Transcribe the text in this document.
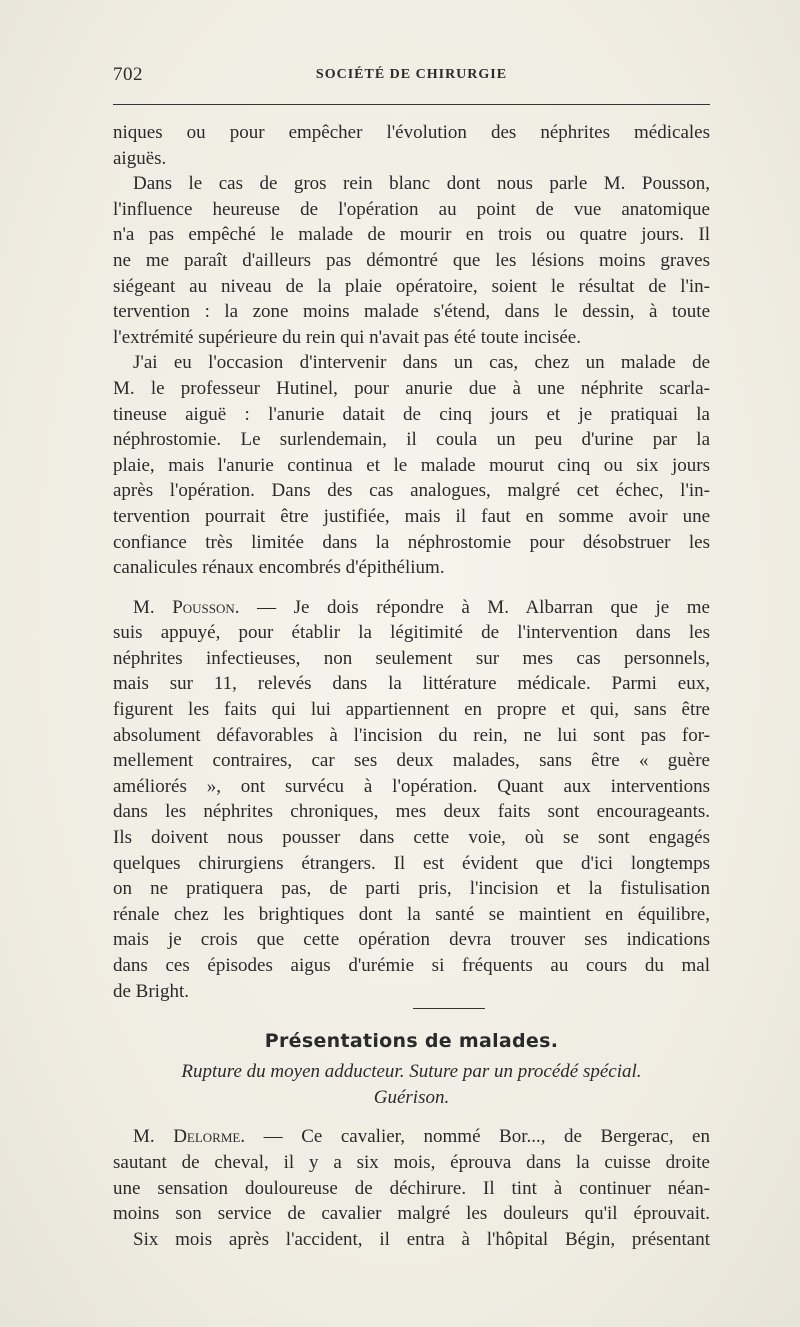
702	SOCIÉTÉ DE CHIRURGIE
niques ou pour empêcher l'évolution des néphrites médicales
aiguës.
Dans le cas de gros rein blanc dont nous parle M. Pousson,
l'influence heureuse de l'opération au point de vue anatomique
n'a pas empêché le malade de mourir en trois ou quatre jours. Il
ne me paraît d'ailleurs pas démontré que les lésions moins graves
siégeant au niveau de la plaie opératoire, soient le résultat de l'in-
tervention : la zone moins malade s'étend, dans le dessin, à toute
l'extrémité supérieure du rein qui n'avait pas été toute incisée.
J'ai eu l'occasion d'intervenir dans un cas, chez un malade de
M. le professeur Hutinel, pour anurie due à une néphrite scarla-
tineuse aiguë : l'anurie datait de cinq jours et je pratiquai la
néphrostomie. Le surlendemain, il coula un peu d'urine par la
plaie, mais l'anurie continua et le malade mourut cinq ou six jours
après l'opération. Dans des cas analogues, malgré cet échec, l'in-
tervention pourrait être justifiée, mais il faut en somme avoir une
confiance très limitée dans la néphrostomie pour désobstruer les
canalicules rénaux encombrés d'épithélium.
M. Pousson. — Je dois répondre à M. Albarran que je me
suis appuyé, pour établir la légitimité de l'intervention dans les
néphrites infectieuses, non seulement sur mes cas personnels,
mais sur 11, relevés dans la littérature médicale. Parmi eux,
figurent les faits qui lui appartiennent en propre et qui, sans être
absolument défavorables à l'incision du rein, ne lui sont pas for-
mellement contraires, car ses deux malades, sans être « guère
améliorés », ont survécu à l'opération. Quant aux interventions
dans les néphrites chroniques, mes deux faits sont encourageants.
Ils doivent nous pousser dans cette voie, où se sont engagés
quelques chirurgiens étrangers. Il est évident que d'ici longtemps
on ne pratiquera pas, de parti pris, l'incision et la fistulisation
rénale chez les brightiques dont la santé se maintient en équilibre,
mais je crois que cette opération devra trouver ses indications
dans ces épisodes aigus d'urémie si fréquents au cours du mal
de Bright.
Présentations de malades.
Rupture du moyen adducteur. Suture par un procédé spécial.
Guérison.
M. Delorme. — Ce cavalier, nommé Bor..., de Bergerac, en
sautant de cheval, il y a six mois, éprouva dans la cuisse droite
une sensation douloureuse de déchirure. Il tint à continuer néan-
moins son service de cavalier malgré les douleurs qu'il éprouvait.
Six mois après l'accident, il entra à l'hôpital Bégin, présentant
